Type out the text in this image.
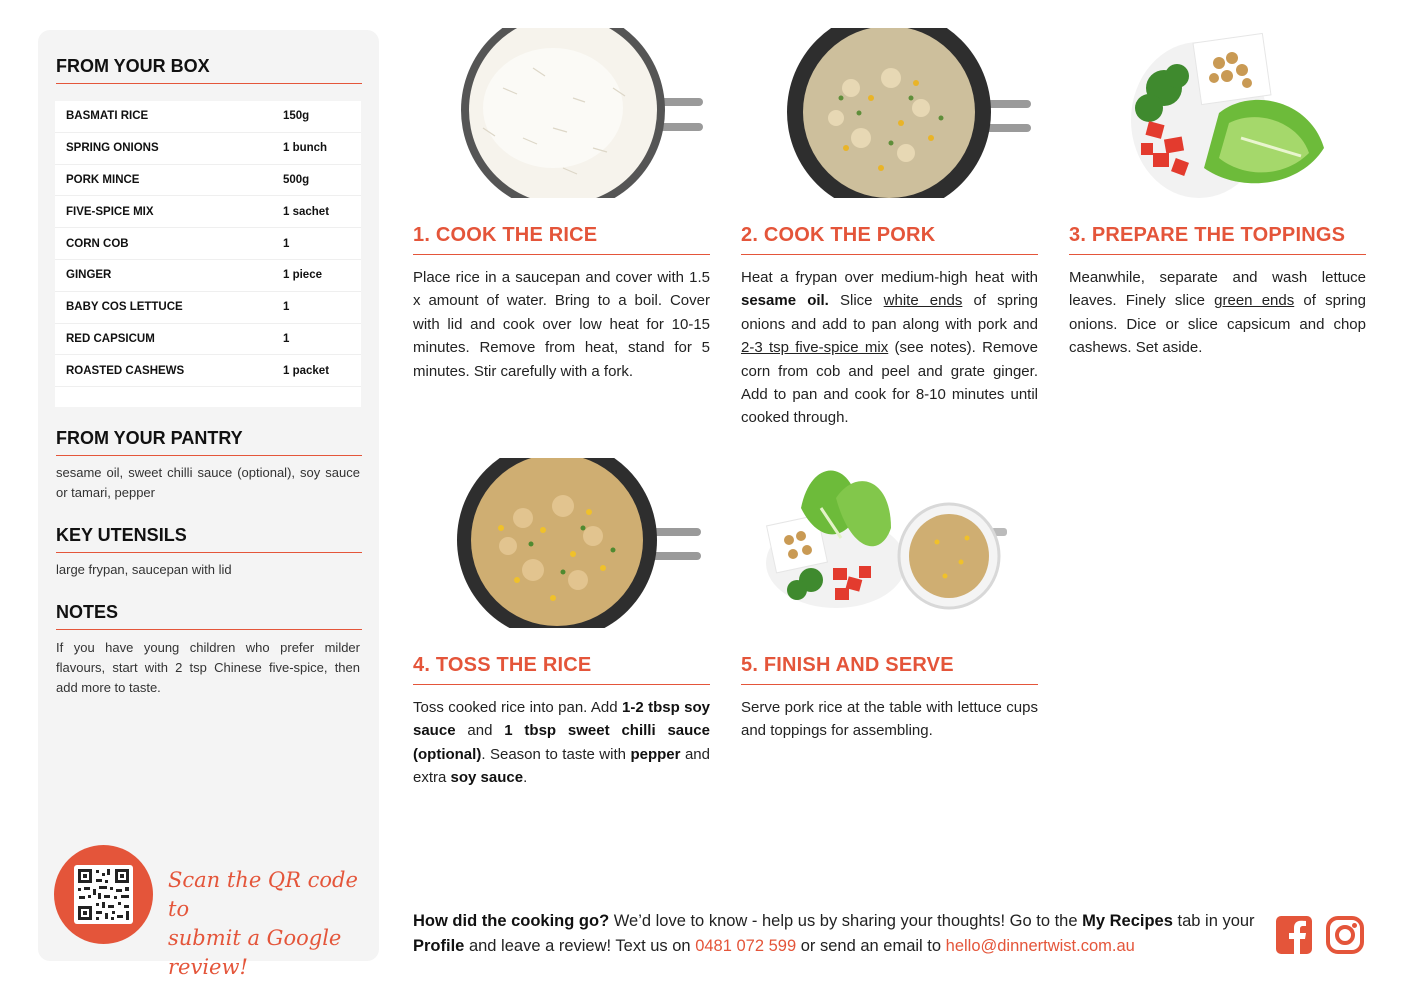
FROM YOUR BOX
BASMATI RICE	150g
SPRING ONIONS	1 bunch
PORK MINCE	500g
FIVE-SPICE MIX	1 sachet
CORN COB	1
GINGER	1 piece
BABY COS LETTUCE	1
RED CAPSICUM	1
ROASTED CASHEWS	1 packet
FROM YOUR PANTRY
sesame oil, sweet chilli sauce (optional), soy sauce or tamari, pepper
KEY UTENSILS
large frypan, saucepan with lid
NOTES
If you have young children who prefer milder flavours, start with 2 tsp Chinese five-spice, then add more to taste.
Scan the QR code to
submit a Google review!
1. COOK THE RICE	2. COOK THE PORK	3. PREPARE THE TOPPINGS
4. TOSS THE RICE	5. FINISH AND SERVE
Place rice in a saucepan and cover with 1.5 x amount of water. Bring to a boil. Cover with lid and cook over low heat for 10-15 minutes. Remove from heat, stand for 5 minutes. Stir carefully with a fork.
Heat a frypan over medium-high heat with sesame oil. Slice white ends of spring onions and add to pan along with pork and 2-3 tsp five-spice mix (see notes). Remove corn from cob and peel and grate ginger. Add to pan and cook for 8-10 minutes until cooked through.
Meanwhile, separate and wash lettuce leaves. Finely slice green ends of spring onions. Dice or slice capsicum and chop cashews. Set aside.
Toss cooked rice into pan. Add 1-2 tbsp soy sauce and 1 tbsp sweet chilli sauce (optional). Season to taste with pepper and extra soy sauce.
Serve pork rice at the table with lettuce cups and toppings for assembling.
How did the cooking go? We’d love to know - help us by sharing your thoughts! Go to the My Recipes tab in your Profile and leave a review! Text us on 0481 072 599 or send an email to hello@dinnertwist.com.au
